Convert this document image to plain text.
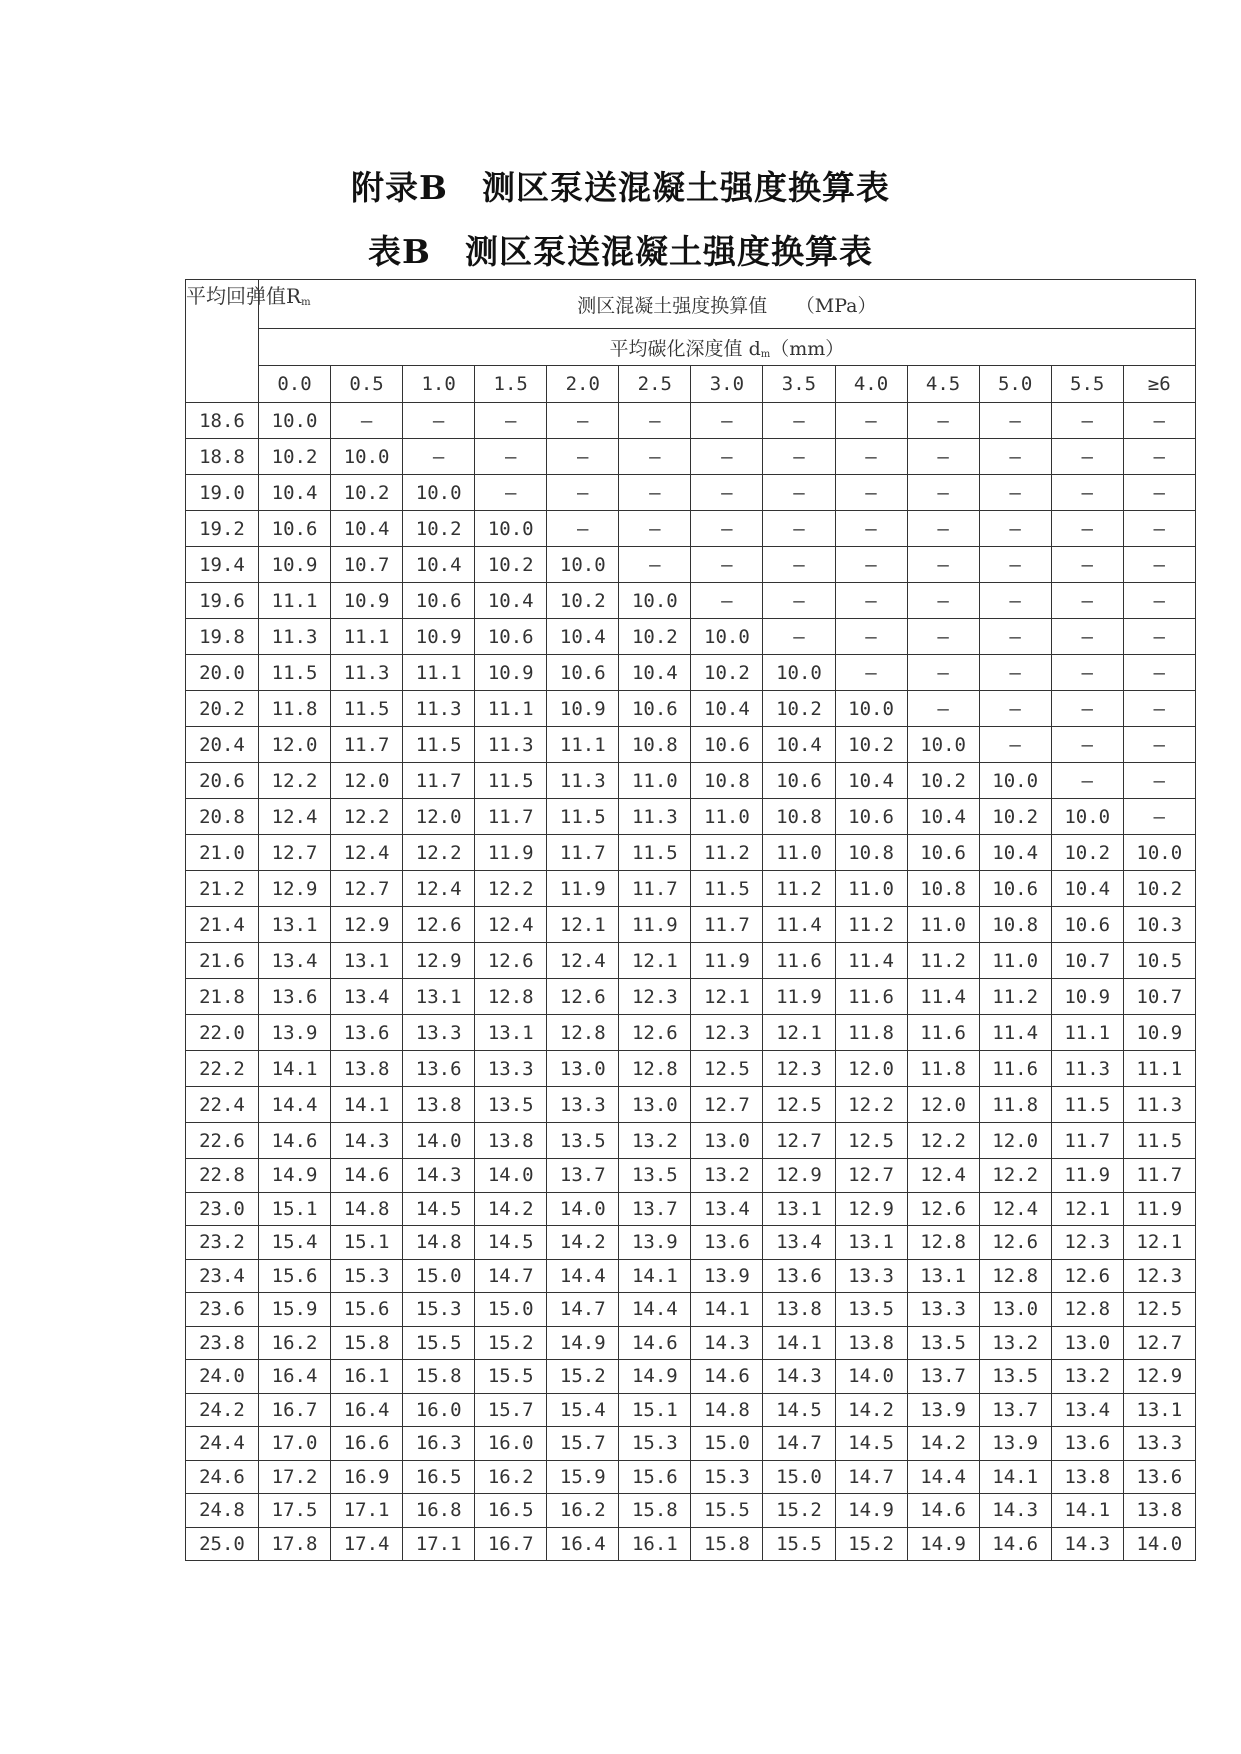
附录B　测区泵送混凝土强度换算表
表B　测区泵送混凝土强度换算表
平均回弹值$R_m$	测区混凝土强度换算值　　（MPa）												
	平均碳化深度值 $d_m(mm)$												
	0.0	0.5	1.0	1.5	2.0	2.5	3.0	3.5	4.0	4.5	5.0	5.5	≥6
18.6	10.0	—	—	—	—	—	—	—	—	—	—	—	—
18.8	10.2	10.0	—	—	—	—	—	—	—	—	—	—	—
19.0	10.4	10.2	10.0	—	—	—	—	—	—	—	—	—	—
19.2	10.6	10.4	10.2	10.0	—	—	—	—	—	—	—	—	—
19.4	10.9	10.7	10.4	10.2	10.0	—	—	—	—	—	—	—	—
19.6	11.1	10.9	10.6	10.4	10.2	10.0	—	—	—	—	—	—	—
19.8	11.3	11.1	10.9	10.6	10.4	10.2	10.0	—	—	—	—	—	—
20.0	11.5	11.3	11.1	10.9	10.6	10.4	10.2	10.0	—	—	—	—	—
20.2	11.8	11.5	11.3	11.1	10.9	10.6	10.4	10.2	10.0	—	—	—	—
20.4	12.0	11.7	11.5	11.3	11.1	10.8	10.6	10.4	10.2	10.0	—	—	—
20.6	12.2	12.0	11.7	11.5	11.3	11.0	10.8	10.6	10.4	10.2	10.0	—	—
20.8	12.4	12.2	12.0	11.7	11.5	11.3	11.0	10.8	10.6	10.4	10.2	10.0	—
21.0	12.7	12.4	12.2	11.9	11.7	11.5	11.2	11.0	10.8	10.6	10.4	10.2	10.0
21.2	12.9	12.7	12.4	12.2	11.9	11.7	11.5	11.2	11.0	10.8	10.6	10.4	10.2
21.4	13.1	12.9	12.6	12.4	12.1	11.9	11.7	11.4	11.2	11.0	10.8	10.6	10.3
21.6	13.4	13.1	12.9	12.6	12.4	12.1	11.9	11.6	11.4	11.2	11.0	10.7	10.5
21.8	13.6	13.4	13.1	12.8	12.6	12.3	12.1	11.9	11.6	11.4	11.2	10.9	10.7
22.0	13.9	13.6	13.3	13.1	12.8	12.6	12.3	12.1	11.8	11.6	11.4	11.1	10.9
22.2	14.1	13.8	13.6	13.3	13.0	12.8	12.5	12.3	12.0	11.8	11.6	11.3	11.1
22.4	14.4	14.1	13.8	13.5	13.3	13.0	12.7	12.5	12.2	12.0	11.8	11.5	11.3
22.6	14.6	14.3	14.0	13.8	13.5	13.2	13.0	12.7	12.5	12.2	12.0	11.7	11.5
22.8	14.9	14.6	14.3	14.0	13.7	13.5	13.2	12.9	12.7	12.4	12.2	11.9	11.7
23.0	15.1	14.8	14.5	14.2	14.0	13.7	13.4	13.1	12.9	12.6	12.4	12.1	11.9
23.2	15.4	15.1	14.8	14.5	14.2	13.9	13.6	13.4	13.1	12.8	12.6	12.3	12.1
23.4	15.6	15.3	15.0	14.7	14.4	14.1	13.9	13.6	13.3	13.1	12.8	12.6	12.3
23.6	15.9	15.6	15.3	15.0	14.7	14.4	14.1	13.8	13.5	13.3	13.0	12.8	12.5
23.8	16.2	15.8	15.5	15.2	14.9	14.6	14.3	14.1	13.8	13.5	13.2	13.0	12.7
24.0	16.4	16.1	15.8	15.5	15.2	14.9	14.6	14.3	14.0	13.7	13.5	13.2	12.9
24.2	16.7	16.4	16.0	15.7	15.4	15.1	14.8	14.5	14.2	13.9	13.7	13.4	13.1
24.4	17.0	16.6	16.3	16.0	15.7	15.3	15.0	14.7	14.5	14.2	13.9	13.6	13.3
24.6	17.2	16.9	16.5	16.2	15.9	15.6	15.3	15.0	14.7	14.4	14.1	13.8	13.6
24.8	17.5	17.1	16.8	16.5	16.2	15.8	15.5	15.2	14.9	14.6	14.3	14.1	13.8
25.0	17.8	17.4	17.1	16.7	16.4	16.1	15.8	15.5	15.2	14.9	14.6	14.3	14.0
